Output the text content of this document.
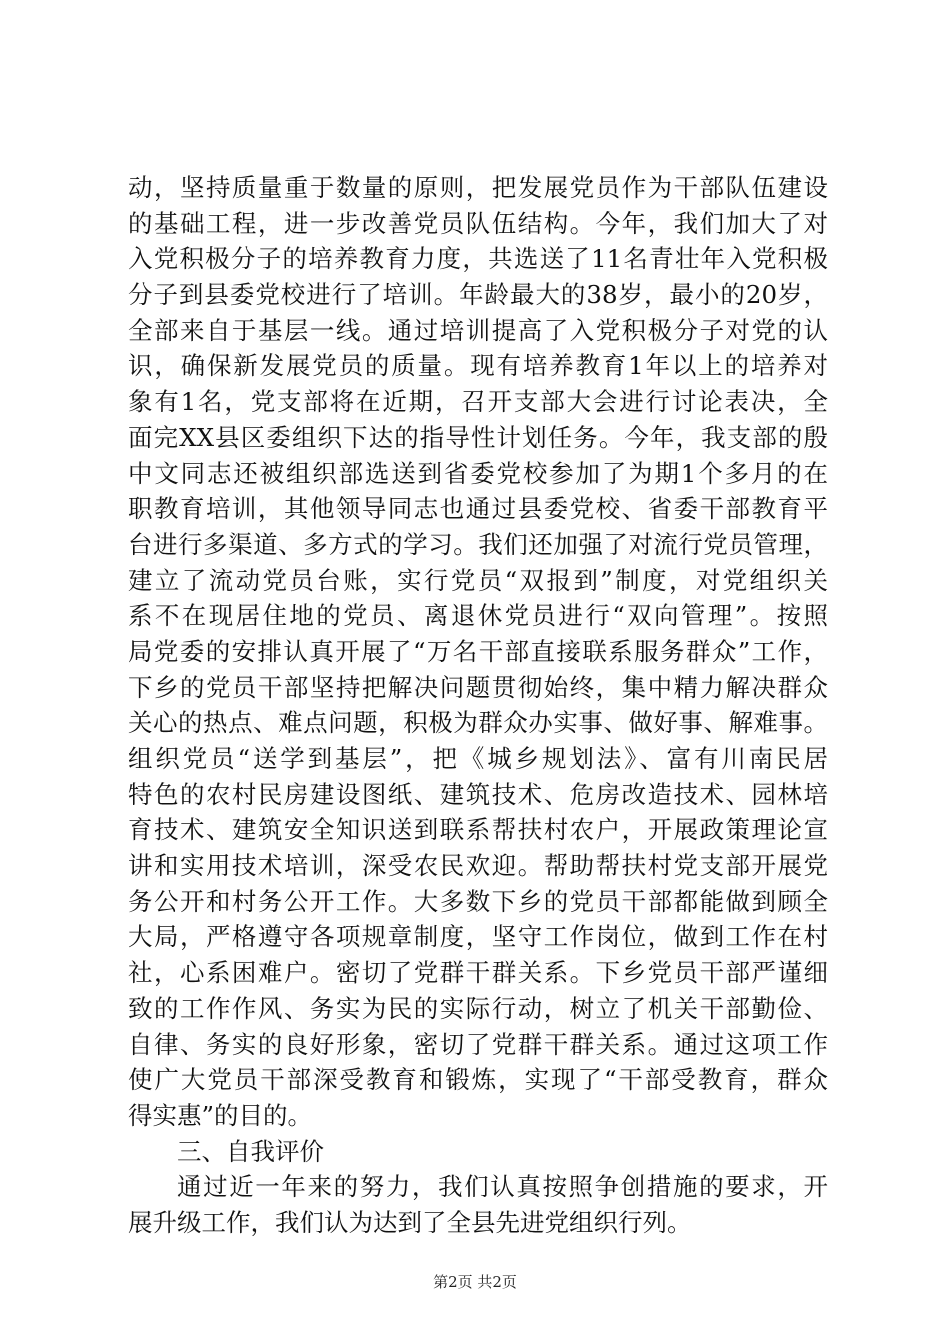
动，坚持质量重于数量的原则，把发展党员作为干部队伍建设
的基础工程，进一步改善党员队伍结构。今年，我们加大了对
入党积极分子的培养教育力度，共选送了11名青壮年入党积极
分子到县委党校进行了培训。年龄最大的38岁，最小的20岁，
全部来自于基层一线。通过培训提高了入党积极分子对党的认
识，确保新发展党员的质量。现有培养教育1年以上的培养对
象有1名，党支部将在近期，召开支部大会进行讨论表决，全
面完XX县区委组织下达的指导性计划任务。今年，我支部的殷
中文同志还被组织部选送到省委党校参加了为期1个多月的在
职教育培训，其他领导同志也通过县委党校、省委干部教育平
台进行多渠道、多方式的学习。我们还加强了对流行党员管理，
建立了流动党员台账，实行党员“双报到”制度，对党组织关
系不在现居住地的党员、离退休党员进行“双向管理”。按照
局党委的安排认真开展了“万名干部直接联系服务群众”工作，
下乡的党员干部坚持把解决问题贯彻始终，集中精力解决群众
关心的热点、难点问题，积极为群众办实事、做好事、解难事。
组织党员“送学到基层”，把《城乡规划法》、富有川南民居
特色的农村民房建设图纸、建筑技术、危房改造技术、园林培
育技术、建筑安全知识送到联系帮扶村农户，开展政策理论宣
讲和实用技术培训，深受农民欢迎。帮助帮扶村党支部开展党
务公开和村务公开工作。大多数下乡的党员干部都能做到顾全
大局，严格遵守各项规章制度，坚守工作岗位，做到工作在村
社，心系困难户。密切了党群干群关系。下乡党员干部严谨细
致的工作作风、务实为民的实际行动，树立了机关干部勤俭、
自律、务实的良好形象，密切了党群干群关系。通过这项工作
使广大党员干部深受教育和锻炼，实现了“干部受教育，群众
得实惠”的目的。
三、自我评价
通过近一年来的努力，我们认真按照争创措施的要求，开
展升级工作，我们认为达到了全县先进党组织行列。
第2页 共2页
